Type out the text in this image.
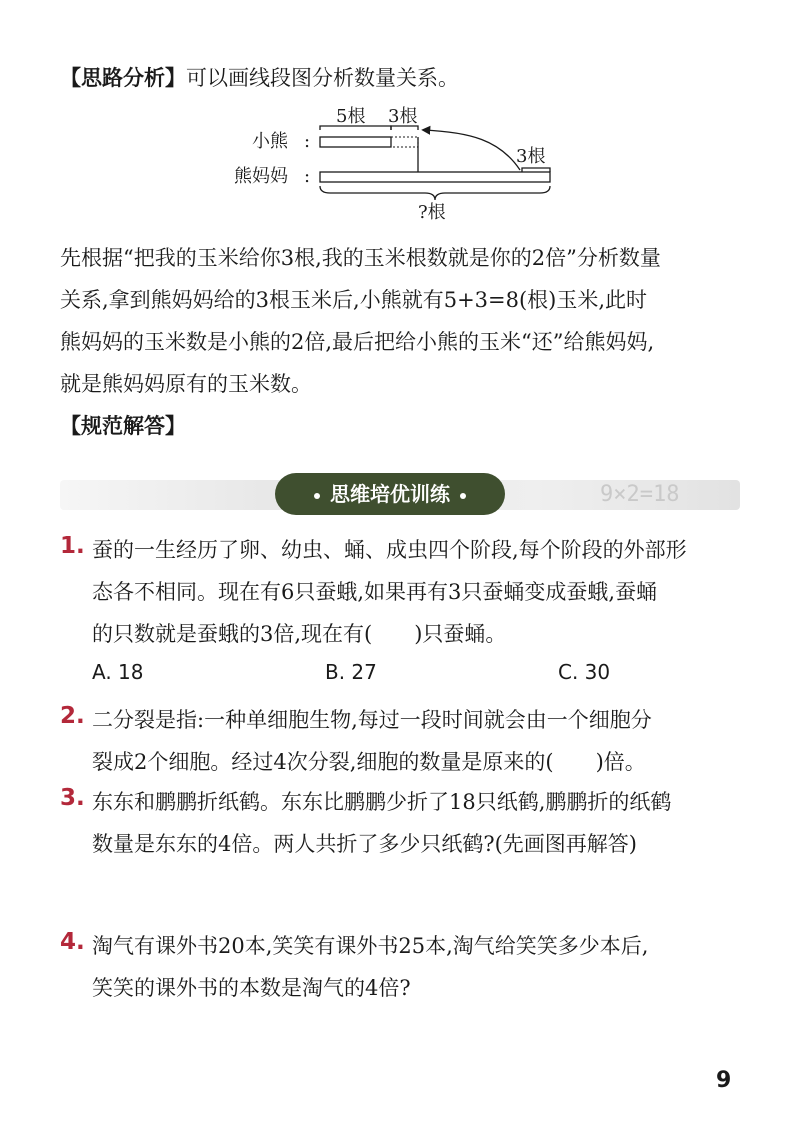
【思路分析】可以画线段图分析数量关系。
小熊 :
熊妈妈 :
5根 3根
3根
?根
先根据“把我的玉米给你3根,我的玉米根数就是你的2倍”分析数量
关系,拿到熊妈妈给的3根玉米后,小熊就有5+3=8(根)玉米,此时
熊妈妈的玉米数是小熊的2倍,最后把给小熊的玉米“还”给熊妈妈,
就是熊妈妈原有的玉米数。
【规范解答】
9×2=18
思维培优训练
1. 蚕的一生经历了卵、幼虫、蛹、成虫四个阶段,每个阶段的外部形
态各不相同。现在有6只蚕蛾,如果再有3只蚕蛹变成蚕蛾,蚕蛹
的只数就是蚕蛾的3倍,现在有(　　)只蚕蛹。
A. 18	B. 27	C. 30
2. 二分裂是指:一种单细胞生物,每过一段时间就会由一个细胞分
裂成2个细胞。经过4次分裂,细胞的数量是原来的(　　)倍。
3. 东东和鹏鹏折纸鹤。东东比鹏鹏少折了18只纸鹤,鹏鹏折的纸鹤
数量是东东的4倍。两人共折了多少只纸鹤?(先画图再解答)
4. 淘气有课外书20本,笑笑有课外书25本,淘气给笑笑多少本后,
笑笑的课外书的本数是淘气的4倍?
9
